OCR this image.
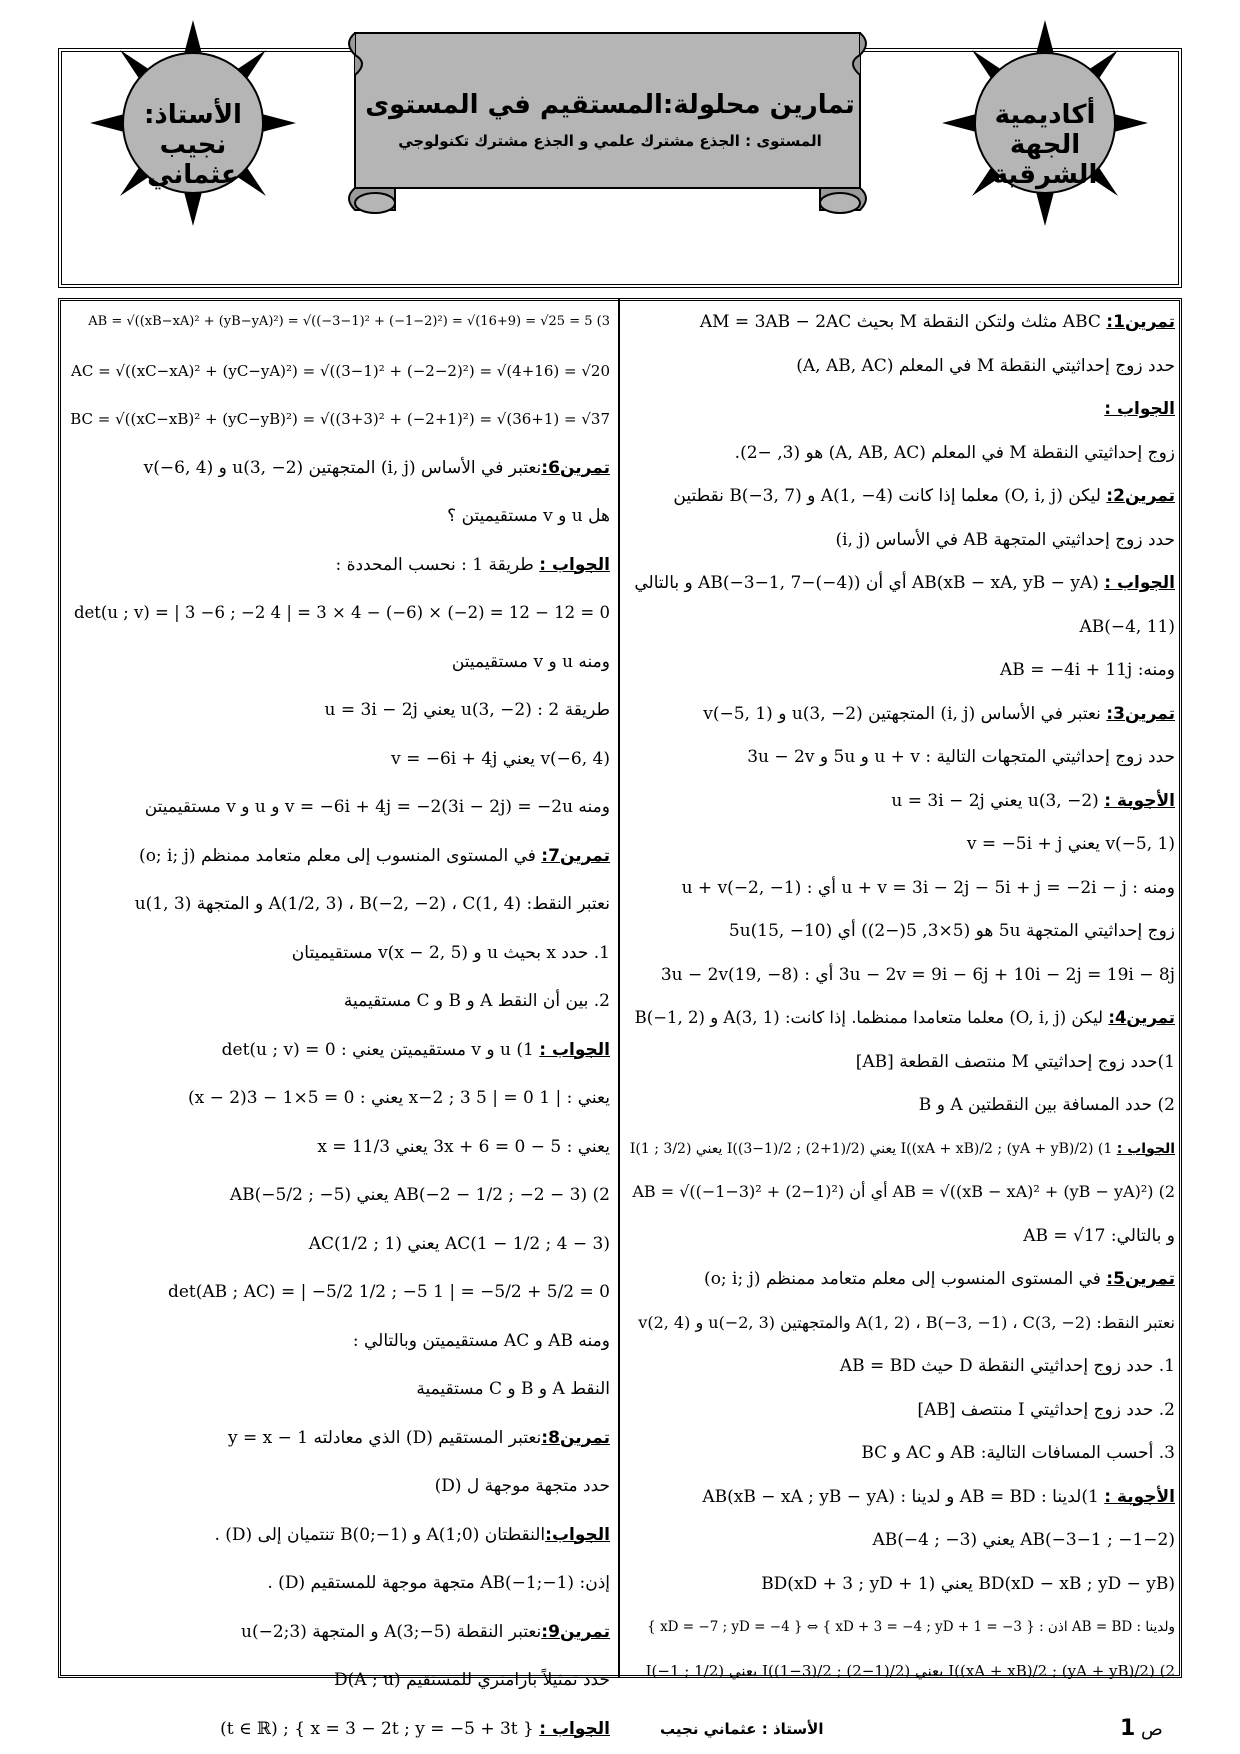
أكاديمية
الجهة
الشرقية
الأستاذ:
نجيب
عثماني
تمارين محلولة:المستقيم في المستوى
المستوى : الجذع مشترك علمي و الجذع مشترك تكنولوجي
تمرين1: ABC مثلث ولتكن النقطة M بحيث AM = 3AB − 2AC
حدد زوج إحداثيتي النقطة M في المعلم (A, AB, AC)
الجواب :
زوج إحداثيتي النقطة M في المعلم (A, AB, AC) هو (3, −2).
تمرين2: ليكن (O, i, j) معلما إذا كانت A(1, −4) و B(−3, 7) نقطتين
حدد زوج إحداثيتي المتجهة AB في الأساس (i, j)
الجواب : AB(xB − xA, yB − yA) أي أن AB(−3−1, 7−(−4)) و بالتالي
AB(−4, 11)
ومنه: AB = −4i + 11j
تمرين3: نعتبر في الأساس (i, j) المتجهتين u(3, −2) و v(−5, 1)
حدد زوج إحداثيتي المتجهات التالية : u + v و 5u و 3u − 2v
الأجوبة : u(3, −2) يعني u = 3i − 2j
v(−5, 1) يعني v = −5i + j
ومنه : u + v = 3i − 2j − 5i + j = −2i − j أي : u + v(−2, −1)
زوج إحداثيتي المتجهة 5u هو (5×3, 5(−2)) أي 5u(15, −10)
3u − 2v = 9i − 6j + 10i − 2j = 19i − 8j أي : 3u − 2v(19, −8)
تمرين4: ليكن (O, i, j) معلما متعامدا ممنظما. إذا كانت: A(3, 1) و B(−1, 2)
1)حدد زوج إحداثيتي M منتصف القطعة [AB]
2) حدد المسافة بين النقطتين A و B
الجواب : 1) I((xA + xB)/2 ; (yA + yB)/2) يعني I((3−1)/2 ; (2+1)/2) يعني I(1 ; 3/2)
2) AB = √((xB − xA)² + (yB − yA)²) أي أن AB = √((−1−3)² + (2−1)²)
و بالتالي: AB = √17
تمرين5: في المستوى المنسوب إلى معلم متعامد ممنظم (o; i; j)
نعتبر النقط: A(1, 2) ، B(−3, −1) ، C(3, −2) والمتجهتين u(−2, 3) و v(2, 4)
1. حدد زوج إحداثيتي النقطة D حيث AB = BD
2. حدد زوج إحداثيتي I منتصف [AB]
3. أحسب المسافات التالية: AB و AC و BC
الأجوبة : 1)لدينا : AB = BD و لدينا : AB(xB − xA ; yB − yA)
AB(−3−1 ; −1−2) يعني AB(−4 ; −3)
BD(xD − xB ; yD − yB) يعني BD(xD + 3 ; yD + 1)
ولدينا : AB = BD اذن : { xD + 3 = −4 ; yD + 1 = −3 } ⇔ { xD = −7 ; yD = −4 }
2) I((xA + xB)/2 ; (yA + yB)/2) يعني I((1−3)/2 ; (2−1)/2) يعني I(−1 ; 1/2)
3) AB = √((xB−xA)² + (yB−yA)²) = √((−3−1)² + (−1−2)²) = √(16+9) = √25 = 5
AC = √((xC−xA)² + (yC−yA)²) = √((3−1)² + (−2−2)²) = √(4+16) = √20
BC = √((xC−xB)² + (yC−yB)²) = √((3+3)² + (−2+1)²) = √(36+1) = √37
تمرين6:نعتبر في الأساس (i, j) المتجهتين u(3, −2) و v(−6, 4)
هل u و v مستقيميتن ؟
الجواب : طريقة 1 : نحسب المحددة :
det(u ; v) = | 3 −6 ; −2 4 | = 3 × 4 − (−6) × (−2) = 12 − 12 = 0
ومنه u و v مستقيميتن
طريقة 2 : u(3, −2) يعني u = 3i − 2j
v(−6, 4) يعني v = −6i + 4j
ومنه v = −6i + 4j = −2(3i − 2j) = −2u و u و v مستقيميتن
تمرين7: في المستوى المنسوب إلى معلم متعامد ممنظم (o; i; j)
نعتبر النقط: A(1/2, 3) ، B(−2, −2) ، C(1, 4) و المتجهة u(1, 3)
1. حدد x بحيث u و v(x − 2, 5) مستقيميتان
2. بين أن النقط A و B و C مستقيمية
الجواب : 1) u و v مستقيميتن يعني : det(u ; v) = 0
يعني : | 1 x−2 ; 3 5 | = 0 يعني : 0 = 5×1 − 3(x − 2)
يعني : 5 − 3x + 6 = 0 يعني x = 11/3
2) AB(−2 − 1/2 ; −2 − 3) يعني AB(−5/2 ; −5)
AC(1 − 1/2 ; 4 − 3) يعني AC(1/2 ; 1)
det(AB ; AC) = | −5/2 1/2 ; −5 1 | = −5/2 + 5/2 = 0
ومنه AB و AC مستقيميتن وبالتالي :
النقط A و B و C مستقيمية
تمرين8:نعتبر المستقيم (D) الذي معادلته y = x − 1
حدد متجهة موجهة ل (D)
الجواب:النقطتان A(1;0) و B(0;−1) تنتميان إلى (D) .
إذن: AB(−1;−1) متجهة موجهة للمستقيم (D) .
تمرين9:نعتبر النقطة A(3;−5) و المتجهة u(−2;3)
حدد تمثيلاً بارامتري للمستقيم D(A ; u)
الجواب : { x = 3 − 2t ; y = −5 + 3t } ; (t ∈ ℝ)	الأستاذ : عثماني نجيب	ص 1
